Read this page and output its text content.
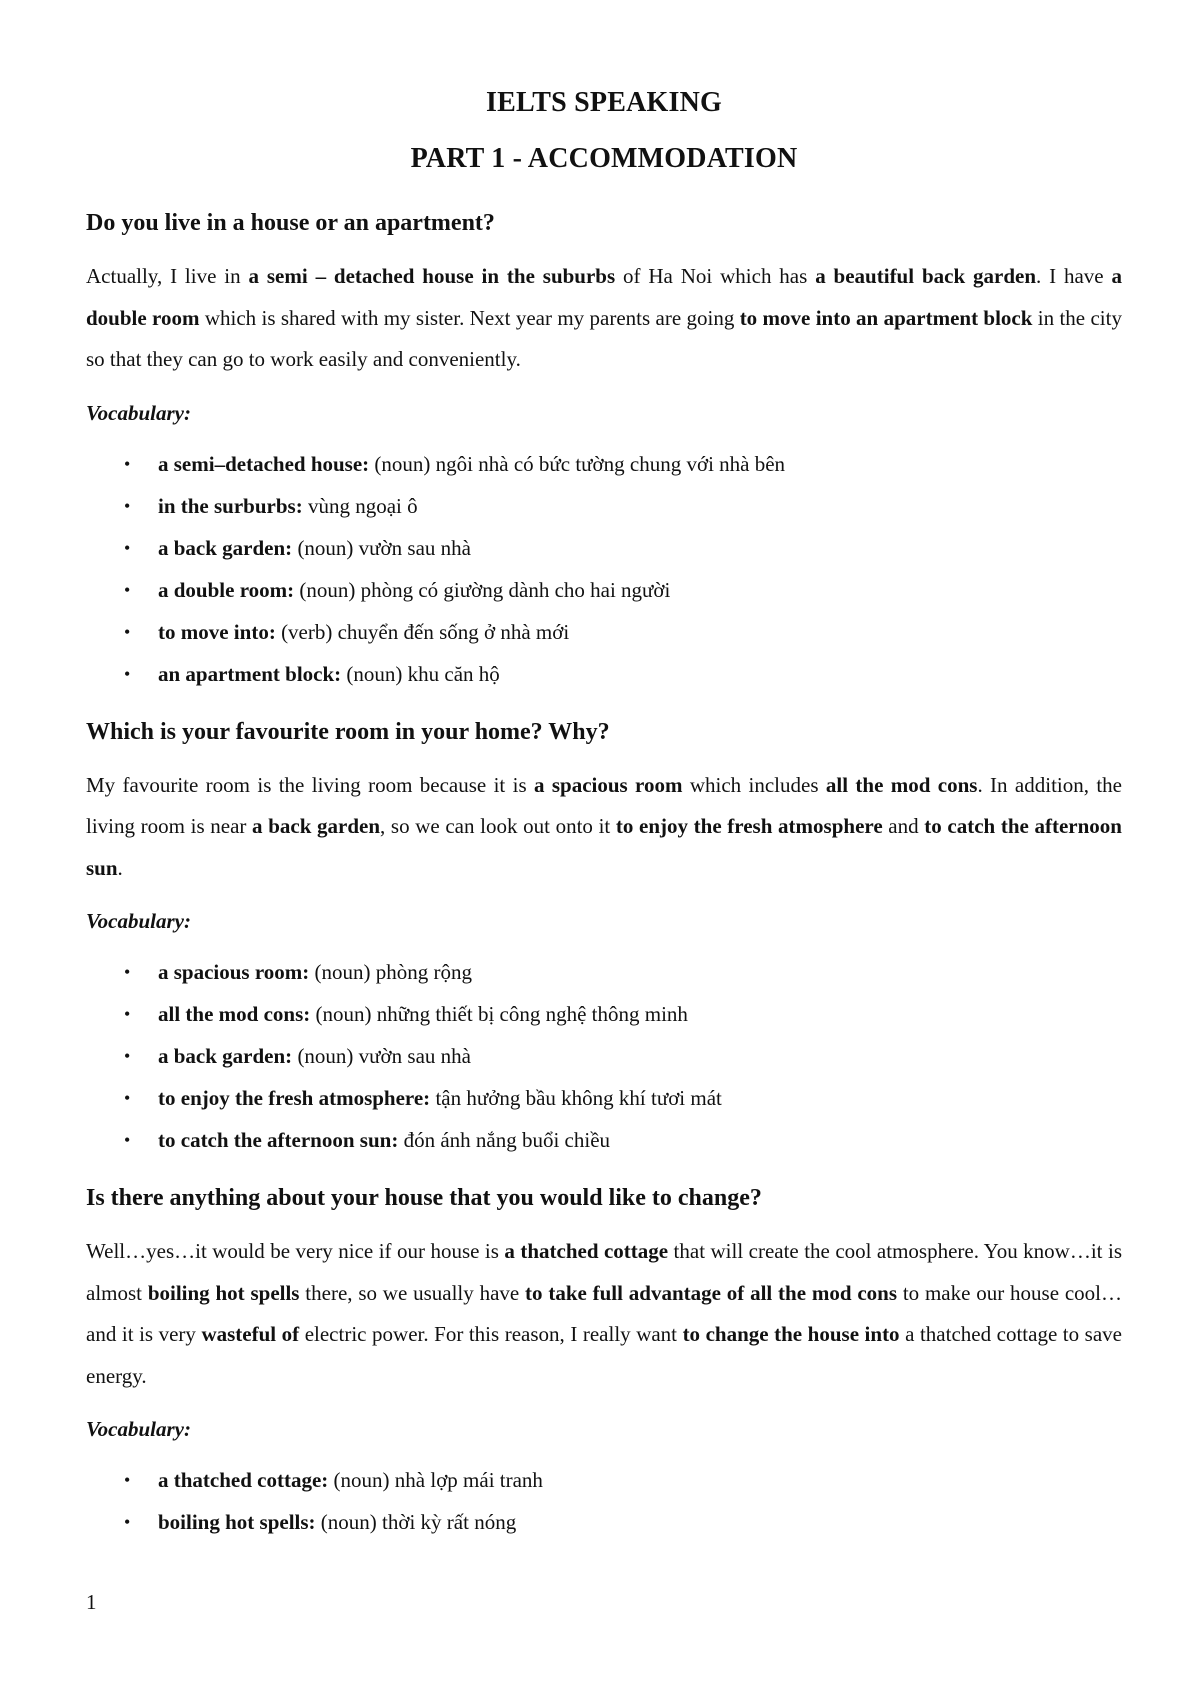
IELTS SPEAKING
PART 1 - ACCOMMODATION
Do you live in a house or an apartment?

Actually, I live in a semi – detached house in the suburbs of Ha Noi which has a beautiful back garden. I have a double room which is shared with my sister. Next year my parents are going to move into an apartment block in the city so that they can go to work easily and conveniently.

Vocabulary:
• a semi–detached house: (noun) ngôi nhà có bức tường chung với nhà bên
• in the surburbs: vùng ngoại ô
• a back garden: (noun) vườn sau nhà
• a double room: (noun) phòng có giường dành cho hai người
• to move into: (verb) chuyển đến sống ở nhà mới
• an apartment block: (noun) khu căn hộ
Which is your favourite room in your home? Why?

My favourite room is the living room because it is a spacious room which includes all the mod cons. In addition, the living room is near a back garden, so we can look out onto it to enjoy the fresh atmosphere and to catch the afternoon sun.

Vocabulary:
• a spacious room: (noun) phòng rộng
• all the mod cons: (noun) những thiết bị công nghệ thông minh
• a back garden: (noun) vườn sau nhà
• to enjoy the fresh atmosphere: tận hưởng bầu không khí tươi mát
• to catch the afternoon sun: đón ánh nắng buổi chiều
Is there anything about your house that you would like to change?

Well…yes…it would be very nice if our house is a thatched cottage that will create the cool atmosphere. You know…it is almost boiling hot spells there, so we usually have to take full advantage of all the mod cons to make our house cool…and it is very wasteful of electric power. For this reason, I really want to change the house into a thatched cottage to save energy.

Vocabulary:
• a thatched cottage: (noun) nhà lợp mái tranh
• boiling hot spells: (noun) thời kỳ rất nóng
1
